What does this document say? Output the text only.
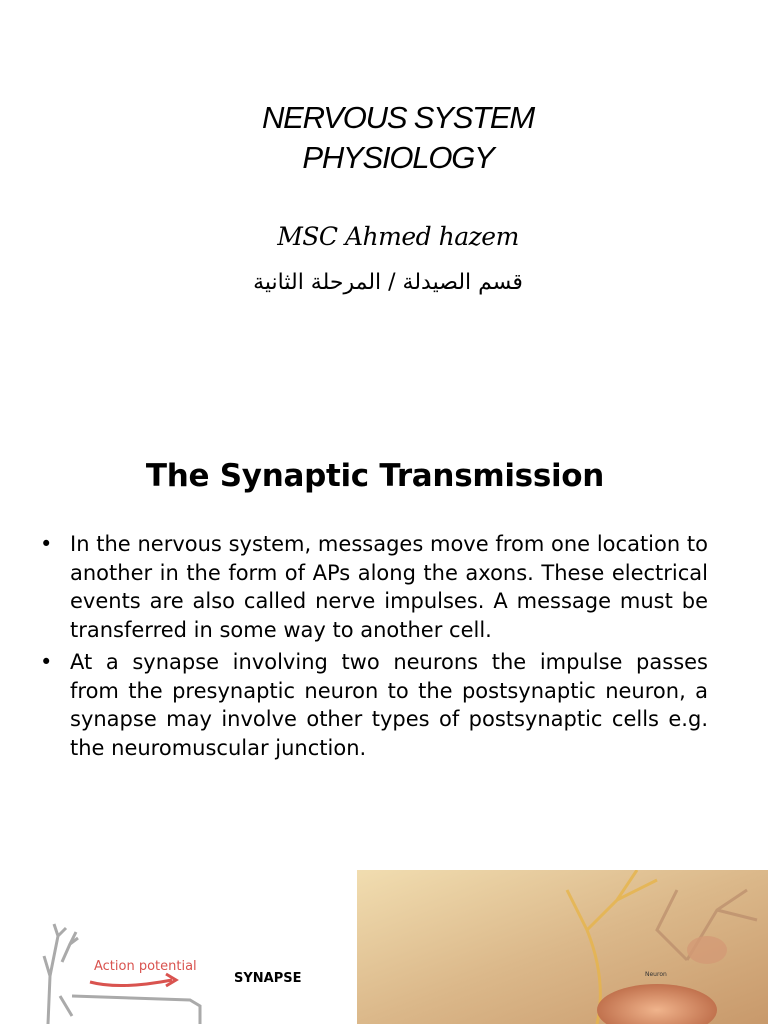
NERVOUS SYSTEM
PHYSIOLOGY
MSC Ahmed hazem
قسم الصيدلة / المرحلة الثانية
The Synaptic Transmission
• In the nervous system, messages move from one location to another in the form of APs along the axons. These electrical events are also called nerve impulses. A message must be transferred in some way to another cell.
• At a synapse involving two neurons the impulse passes from the presynaptic neuron to the postsynaptic neuron, a synapse may involve other types of postsynaptic cells e.g. the neuromuscular junction.
Action potential
SYNAPSE	Neuron
